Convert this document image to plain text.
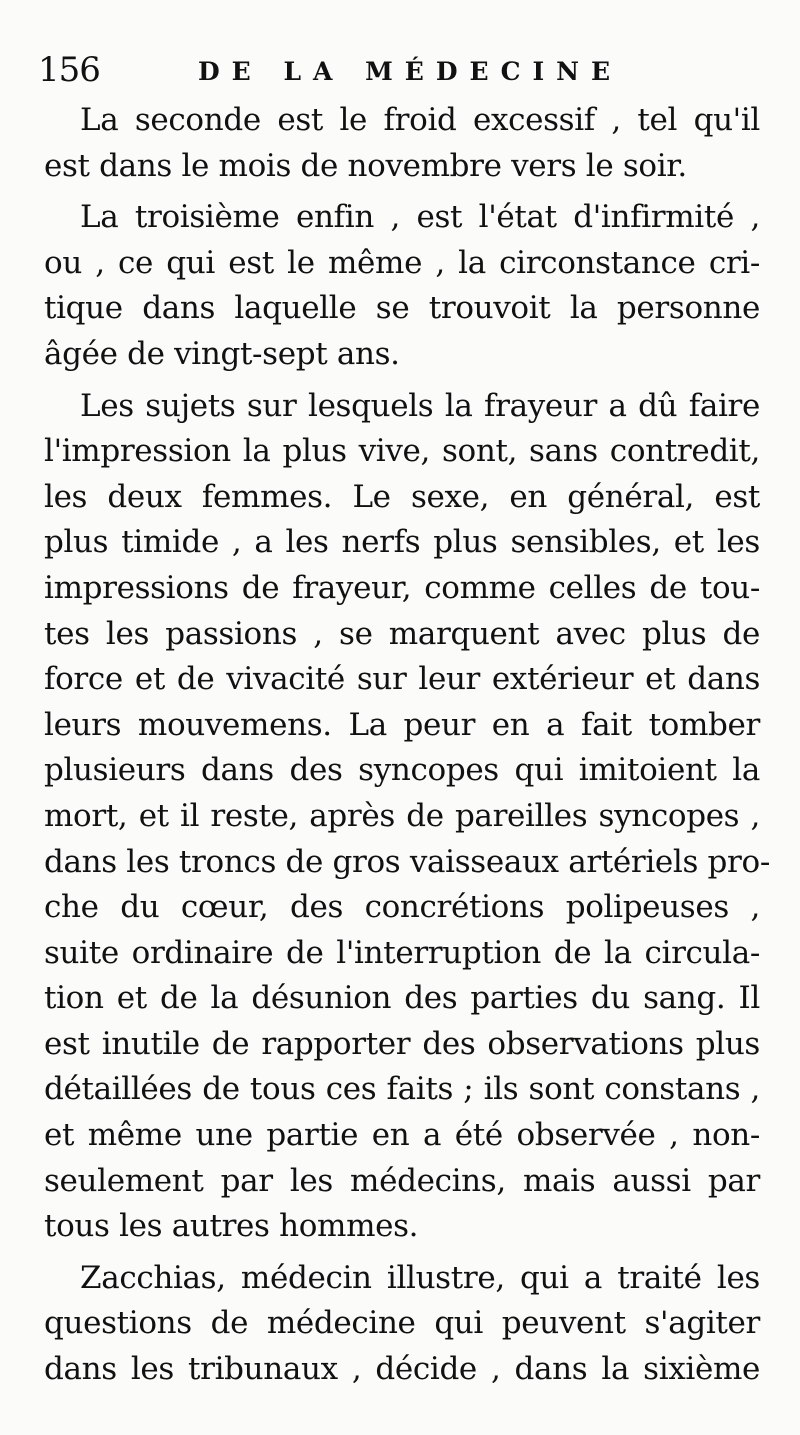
156	DE LA MÉDECINE
La seconde est le froid excessif , tel qu'il
est dans le mois de novembre vers le soir.
La troisième enfin , est l'état d'infirmité ,
ou , ce qui est le même , la circonstance cri-
tique dans laquelle se trouvoit la personne
âgée de vingt-sept ans.
Les sujets sur lesquels la frayeur a dû faire
l'impression la plus vive, sont, sans contredit,
les deux femmes. Le sexe, en général, est
plus timide , a les nerfs plus sensibles, et les
impressions de frayeur, comme celles de tou-
tes les passions , se marquent avec plus de
force et de vivacité sur leur extérieur et dans
leurs mouvemens. La peur en a fait tomber
plusieurs dans des syncopes qui imitoient la
mort, et il reste, après de pareilles syncopes ,
dans les troncs de gros vaisseaux artériels pro-
che du cœur, des concrétions polipeuses ,
suite ordinaire de l'interruption de la circula-
tion et de la désunion des parties du sang. Il
est inutile de rapporter des observations plus
détaillées de tous ces faits ; ils sont constans ,
et même une partie en a été observée , non-
seulement par les médecins, mais aussi par
tous les autres hommes.
Zacchias, médecin illustre, qui a traité les
questions de médecine qui peuvent s'agiter
dans les tribunaux , décide , dans la sixième
